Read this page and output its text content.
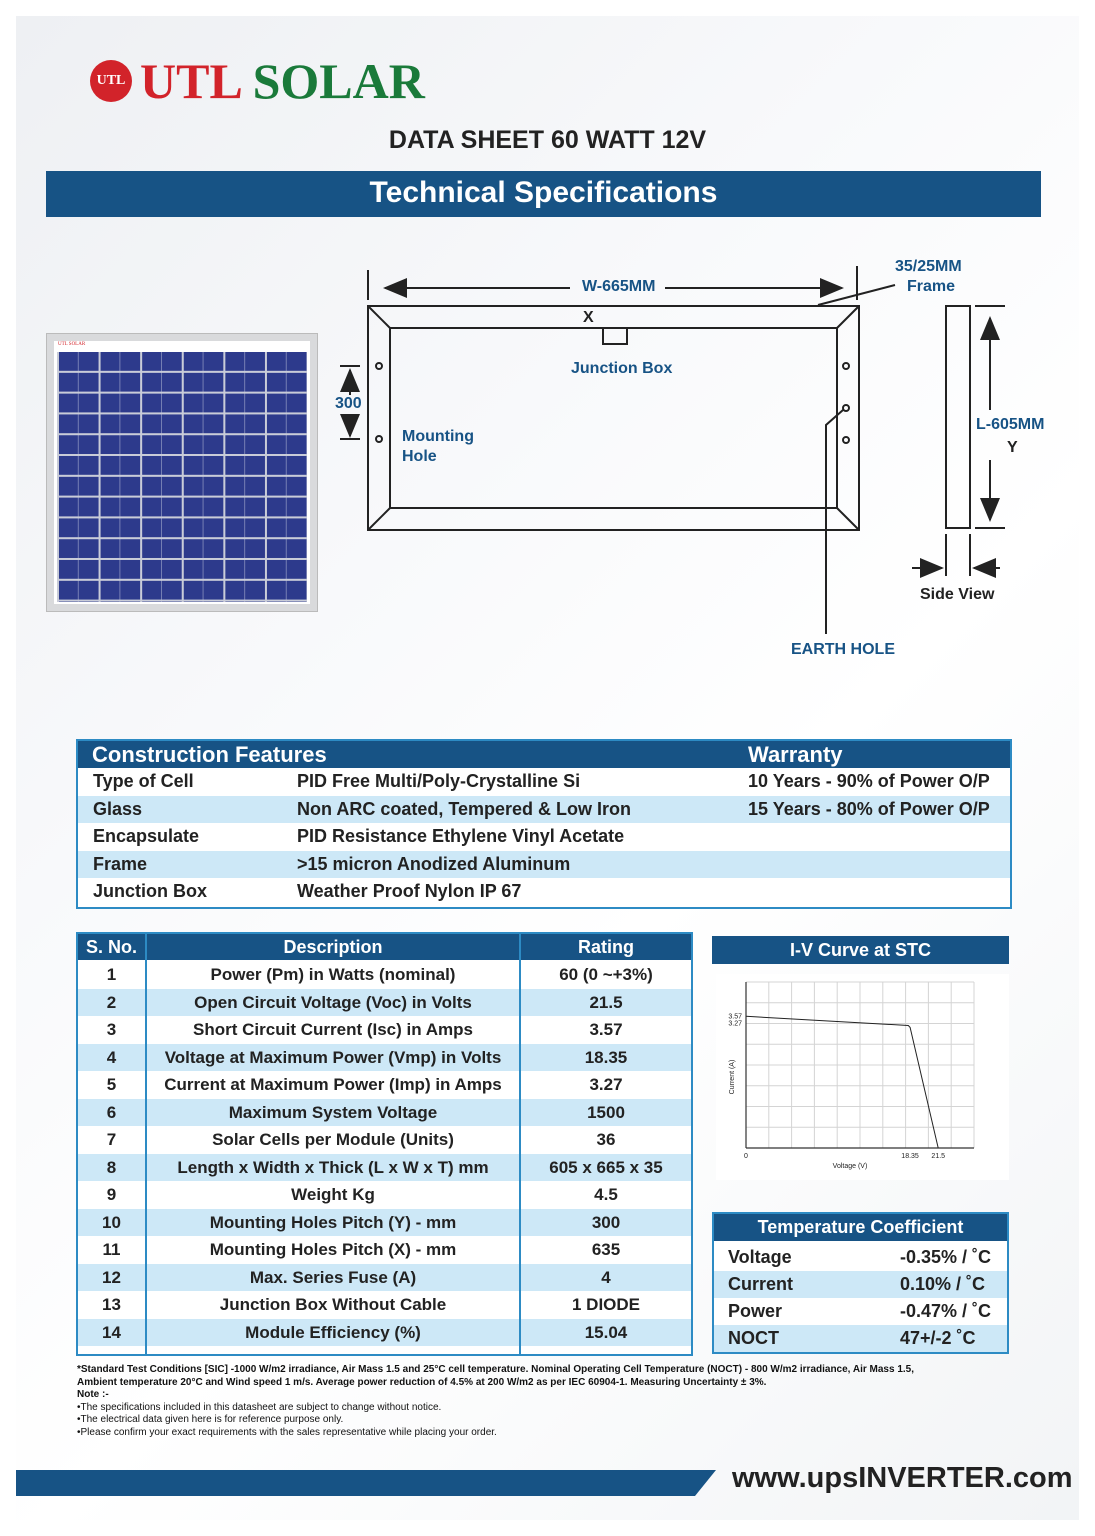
UTL UTL SOLAR
DATA SHEET 60 WATT 12V
Technical Specifications
UTL SOLAR
W-665MM
X
Junction Box
35/25MM
Frame
300
Mounting
Hole
L-605MM
Y
Side View
EARTH HOLE
Construction Features	Warranty
Type of Cell	PID Free Multi/Poly-Crystalline Si	10 Years - 90% of Power O/P
Glass	Non ARC coated, Tempered & Low Iron	15 Years - 80% of Power O/P
Encapsulate	PID Resistance Ethylene Vinyl Acetate
Frame	>15 micron Anodized Aluminum
Junction Box	Weather Proof Nylon IP 67
S. No.	Description	Rating
1	Power (Pm) in Watts (nominal)	60 (0 ~+3%)
2	Open Circuit Voltage (Voc) in Volts	21.5
3	Short Circuit Current (Isc) in Amps	3.57
4	Voltage at Maximum Power (Vmp) in Volts	18.35
5	Current at Maximum Power (Imp) in Amps	3.27
6	Maximum System Voltage	1500
7	Solar Cells per Module (Units)	36
8	Length x Width x Thick (L x W x T) mm	605 x 665 x 35
9	Weight Kg	4.5
10	Mounting Holes Pitch (Y) - mm	300
11	Mounting Holes Pitch (X) - mm	635
12	Max. Series Fuse (A)	4
13	Junction Box Without Cable	1 DIODE
14	Module Efficiency (%)	15.04
I-V Curve at STC
0	18.35 21.5
3.57
3.27
Voltage (V)
Current (A)
Temperature Coefficient
Voltage	-0.35% / ˚C
Current	0.10% / ˚C
Power	-0.47% / ˚C
NOCT	47+/-2 ˚C
*Standard Test Conditions [SIC] -1000 W/m2 irradiance, Air Mass 1.5 and 25°C cell temperature. Nominal Operating Cell Temperature (NOCT) - 800 W/m2 irradiance, Air Mass 1.5,
Ambient temperature 20°C and Wind speed 1 m/s. Average power reduction of 4.5% at 200 W/m2 as per IEC 60904-1. Measuring Uncertainty ± 3%.
Note :-
•The specifications included in this datasheet are subject to change without notice.
•The electrical data given here is for reference purpose only.
•Please confirm your exact requirements with the sales representative while placing your order.
www.upsINVERTER.com
